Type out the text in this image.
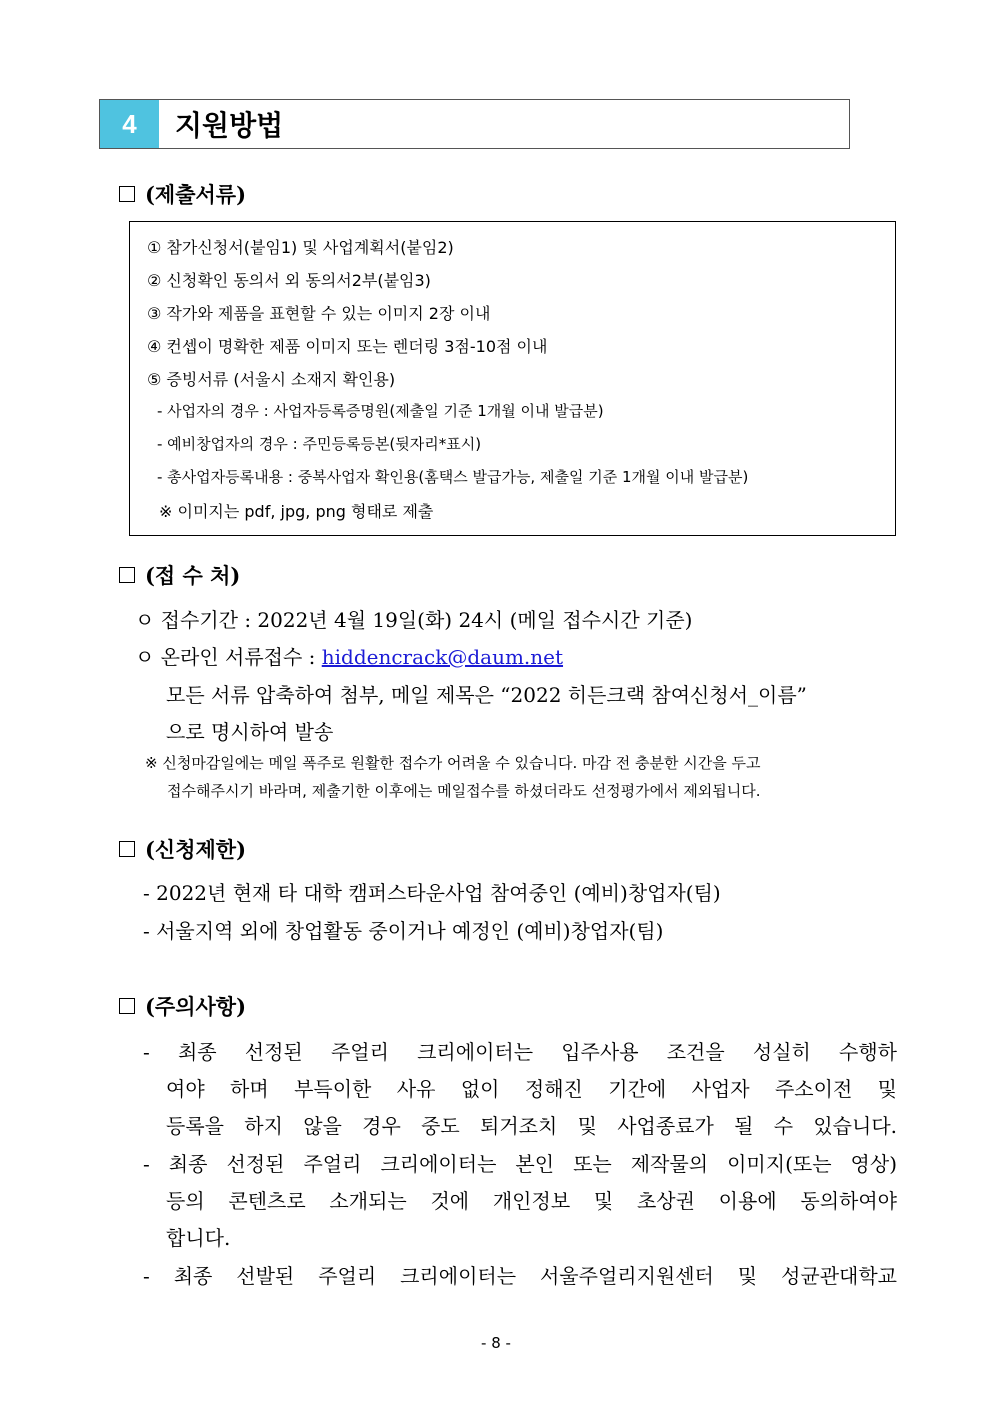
4	지원방법
(제출서류)
① 참가신청서(붙임1) 및 사업계획서(붙임2)
② 신청확인 동의서 외 동의서2부(붙임3)
③ 작가와 제품을 표현할 수 있는 이미지 2장 이내
④ 컨셉이 명확한 제품 이미지 또는 렌더링 3점-10점 이내
⑤ 증빙서류 (서울시 소재지 확인용)
- 사업자의 경우 : 사업자등록증명원(제출일 기준 1개월 이내 발급분)
- 예비창업자의 경우 : 주민등록등본(뒷자리*표시)
- 총사업자등록내용 : 중복사업자 확인용(홈택스 발급가능, 제출일 기준 1개월 이내 발급분)
※ 이미지는 pdf, jpg, png 형태로 제출
(접 수 처)
ㅇ 접수기간 : 2022년 4월 19일(화) 24시 (메일 접수시간 기준)
ㅇ 온라인 서류접수 : hiddencrack@daum.net
모든 서류 압축하여 첨부, 메일 제목은 “2022 히든크랙 참여신청서_이름”
으로 명시하여 발송
※ 신청마감일에는 메일 폭주로 원활한 접수가 어려울 수 있습니다. 마감 전 충분한 시간을 두고
접수해주시기 바라며, 제출기한 이후에는 메일접수를 하셨더라도 선정평가에서 제외됩니다.
(신청제한)
- 2022년 현재 타 대학 캠퍼스타운사업 참여중인 (예비)창업자(팀)
- 서울지역 외에 창업활동 중이거나 예정인 (예비)창업자(팀)
(주의사항)
- 최종 선정된 주얼리 크리에이터는 입주사용 조건을 성실히 수행하
여야 하며 부득이한 사유 없이 정해진 기간에 사업자 주소이전 및
등록을 하지 않을 경우 중도 퇴거조치 및 사업종료가 될 수 있습니다.
- 최종 선정된 주얼리 크리에이터는 본인 또는 제작물의 이미지(또는 영상)
등의 콘텐츠로 소개되는 것에 개인정보 및 초상권 이용에 동의하여야
합니다.
- 최종 선발된 주얼리 크리에이터는 서울주얼리지원센터 및 성균관대학교
- 8 -
